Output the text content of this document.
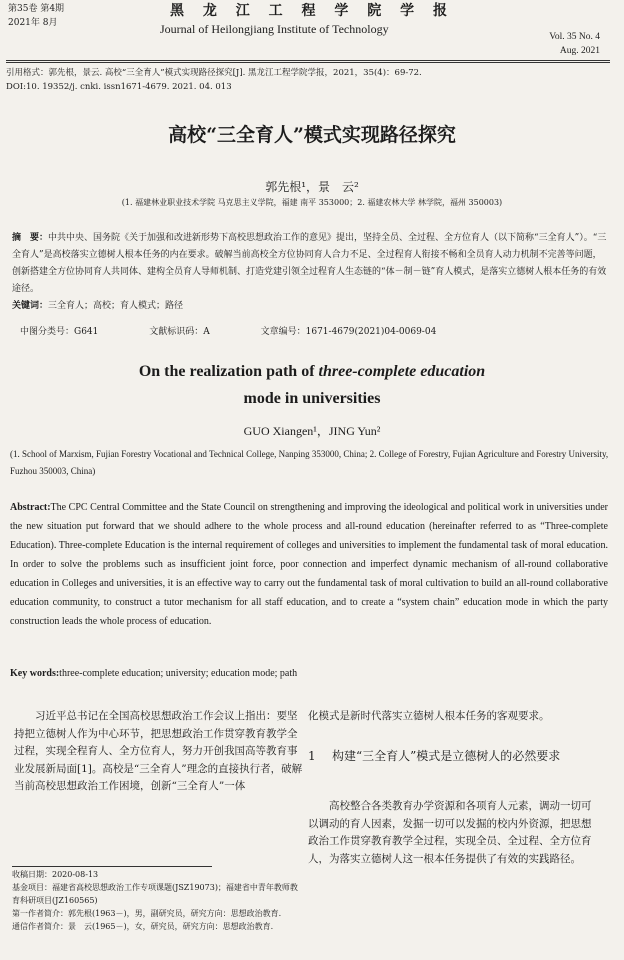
第35卷 第4期
2021年 8月
黑 龙 江 工 程 学 院 学 报
Journal of Heilongjiang Institute of Technology
Vol. 35 No. 4
Aug. 2021
引用格式：郭先根，景云. 高校“三全育人”模式实现路径探究[J]. 黑龙江工程学院学报，2021，35(4)：69-72.
DOI:10. 19352/j. cnki. issn1671-4679. 2021. 04. 013
高校“三全育人”模式实现路径探究
郭先根¹，景　云²
(1. 福建林业职业技术学院 马克思主义学院，福建 南平 353000；2. 福建农林大学 林学院，福州 350003)
摘　要：中共中央、国务院《关于加强和改进新形势下高校思想政治工作的意见》提出，坚持全员、全过程、全方位育人（以下简称“三全育人”）。“三全育人”是高校落实立德树人根本任务的内在要求。破解当前高校全方位协同育人合力不足、全过程育人衔接不畅和全员育人动力机制不完善等问题，创新搭建全方位协同育人共同体、建构全员育人导师机制、打造党建引领全过程育人生态链的“体－制－链”育人模式，是落实立德树人根本任务的有效途径。
关键词：三全育人；高校；育人模式；路径
中图分类号：G641	文献标识码：A	文章编号：1671-4679(2021)04-0069-04
On the realization path of three-complete education
mode in universities
GUO Xiangen¹，JING Yun²
(1. School of Marxism, Fujian Forestry Vocational and Technical College, Nanping 353000, China; 2. College of Forestry, Fujian Agriculture and Forestry University, Fuzhou 350003, China)
Abstract:The CPC Central Committee and the State Council on strengthening and improving the ideological and political work in universities under the new situation put forward that we should adhere to the whole process and all-round education (hereinafter referred to as “Three-complete Education). Three-complete Education is the internal requirement of colleges and universities to implement the fundamental task of moral education. In order to solve the problems such as insufficient joint force, poor connection and imperfect dynamic mechanism of all-round collaborative education in Colleges and universities, it is an effective way to carry out the fundamental task of moral cultivation to build an all-round collaborative education community, to construct a tutor mechanism for all staff education, and to create a “system chain” education mode in which the party construction leads the whole process of education.
Key words:three-complete education; university; education mode; path
习近平总书记在全国高校思想政治工作会议上指出：要坚持把立德树人作为中心环节，把思想政治工作贯穿教育教学全过程，实现全程育人、全方位育人，努力开创我国高等教育事业发展新局面[1]。高校是“三全育人”理念的直接执行者，破解当前高校思想政治工作困境，创新“三全育人”一体
化模式是新时代落实立德树人根本任务的客观要求。
1 构建“三全育人”模式是立德树人的必然要求
高校整合各类教育办学资源和各项育人元素，调动一切可以调动的育人因素，发掘一切可以发掘的校内外资源，把思想政治工作贯穿教育教学全过程，实现全员、全过程、全方位育人，为落实立德树人这一根本任务提供了有效的实践路径。
收稿日期：2020-08-13
基金项目：福建省高校思想政治工作专项课题(JSZ19073)；福建省中青年教师教育科研项目(JZ160565)
第一作者简介：郭先根(1963－)，男，副研究员，研究方向：思想政治教育.
通信作者简介：景　云(1965－)，女，研究员，研究方向：思想政治教育.
